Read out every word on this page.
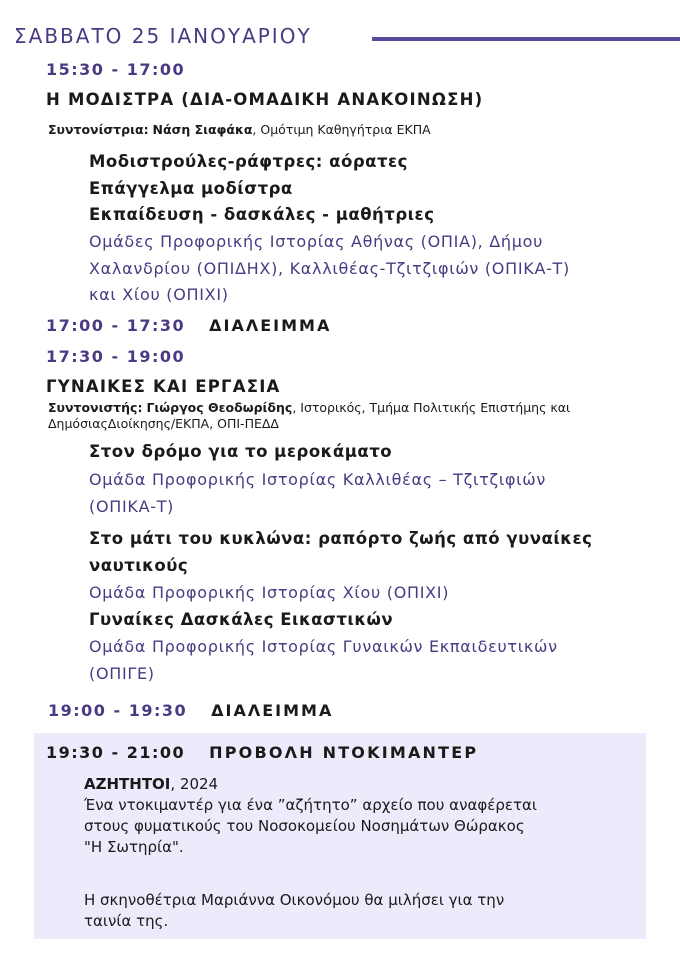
ΣΑΒΒΑΤΟ 25 ΙΑΝΟΥΑΡΙΟΥ
15:30 - 17:00
Η ΜΟΔΙΣΤΡΑ (ΔΙΑ-ΟΜΑΔΙΚΗ ΑΝΑΚΟΙΝΩΣΗ)
Συντονίστρια: Νάση Σιαφάκα, Ομότιμη Καθηγήτρια ΕΚΠΑ
Μοδιστρούλες-ράφτρες: αόρατες
Επάγγελμα μοδίστρα
Εκπαίδευση - δασκάλες - μαθήτριες
Ομάδες Προφορικής Ιστορίας Αθήνας (ΟΠΙΑ), Δήμου
Χαλανδρίου (ΟΠΙΔΗΧ), Καλλιθέας-Τζιτζιφιών (ΟΠΙΚΑ-Τ)
και Χίου (ΟΠΙΧΙ)
17:00 - 17:30 ΔΙΑΛΕΙΜΜΑ
17:30 - 19:00
ΓΥΝΑΙΚΕΣ ΚΑΙ ΕΡΓΑΣΙΑ
Συντονιστής: Γιώργος Θεοδωρίδης, Ιστορικός, Τμήμα Πολιτικής Επιστήμης και
ΔημόσιαςΔιοίκησης/ΕΚΠΑ, ΟΠΙ-ΠΕΔΔ
Στον δρόμο για το μεροκάματο
Ομάδα Προφορικής Ιστορίας Καλλιθέας – Τζιτζιφιών
(ΟΠΙΚΑ-Τ)
Στο μάτι του κυκλώνα: ραπόρτο ζωής από γυναίκες
ναυτικούς
Ομάδα Προφορικής Ιστορίας Χίου (ΟΠΙΧΙ)
Γυναίκες Δασκάλες Εικαστικών
Ομάδα Προφορικής Ιστορίας Γυναικών Εκπαιδευτικών
(ΟΠΙΓΕ)
19:00 - 19:30 ΔΙΑΛΕΙΜΜΑ
19:30 - 21:00 ΠΡΟΒΟΛΗ ΝΤΟΚΙΜΑΝΤΕΡ
ΑΖΗΤΗΤΟΙ, 2024
Ένα ντοκιμαντέρ για ένα ”αζήτητο” αρχείο που αναφέρεται
στους φυματικούς του Νοσοκομείου Νοσημάτων Θώρακος
"Η Σωτηρία".
Η σκηνοθέτρια Μαριάννα Οικονόμου θα μιλήσει για την
ταινία της.
